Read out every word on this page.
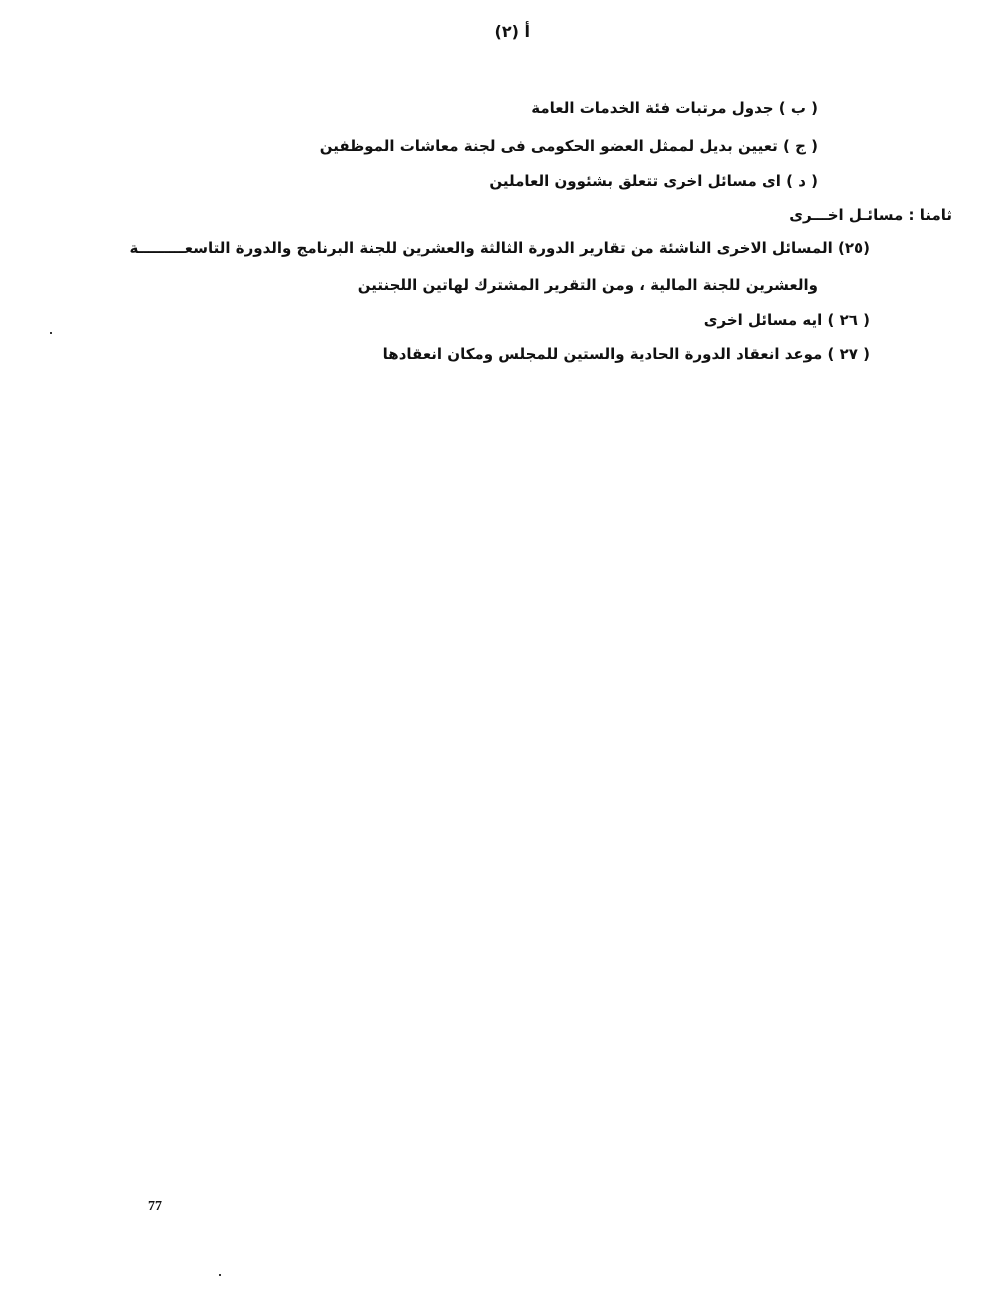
أ (٢)
( ب ) جدول مرتبات فئة الخدمات العامة
( ج ) تعيين بديل لممثل العضو الحكومى فى لجنة معاشات الموظفين
( د ) اى مسائل اخرى تتعلق بشئوون العاملين
ثامنا : مسائـل اخـــرى
(٢٥) المسائل الاخرى الناشئة من تقارير الدورة الثالثة والعشرين للجنة البرنامج والدورة التاسعـــــــــة
والعشرين للجنة المالية ، ومن التقرير المشترك لهاتين اللجنتين
( ٢٦ ) ايه مسائل اخرى
( ٢٧ ) موعد انعقاد الدورة الحادية والستين للمجلس ومكان انعقادها
77
